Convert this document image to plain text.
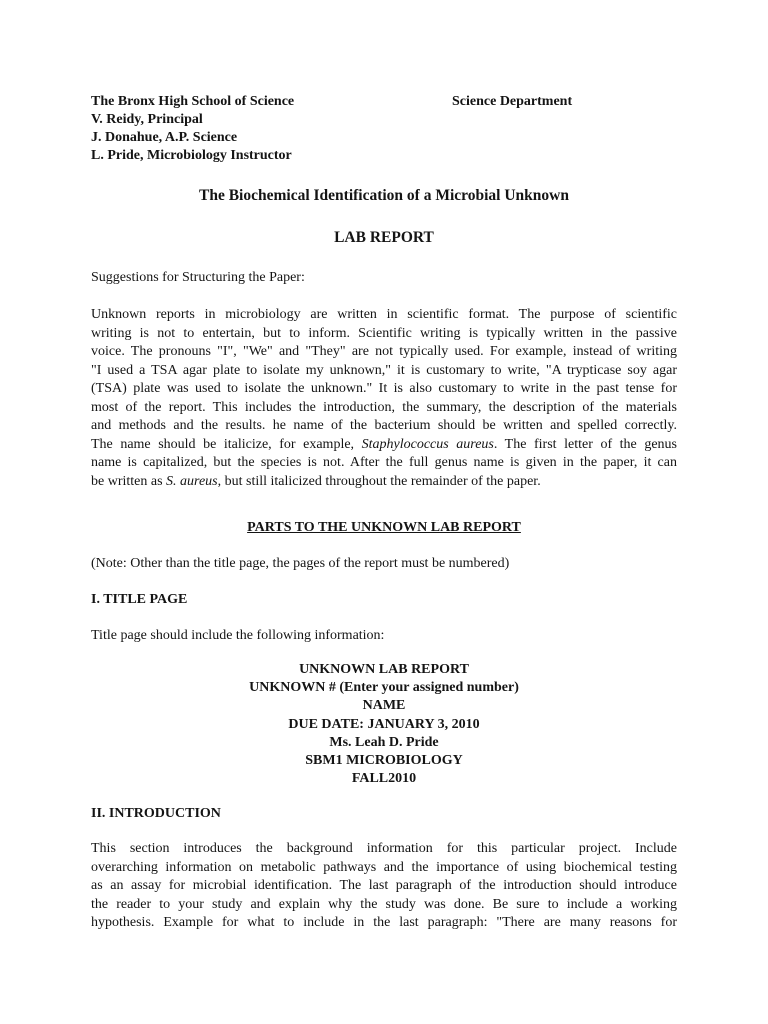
The Bronx High School of Science
V. Reidy, Principal
J. Donahue, A.P. Science
L. Pride, Microbiology Instructor
Science Department
The Biochemical Identification of a Microbial Unknown
LAB REPORT
Suggestions for Structuring the Paper:
Unknown reports in microbiology are written in scientific format. The purpose of scientific
writing is not to entertain, but to inform. Scientific writing is typically written in the passive
voice. The pronouns "I", "We" and "They" are not typically used. For example, instead of writing
"I used a TSA agar plate to isolate my unknown," it is customary to write, "A trypticase soy agar
(TSA) plate was used to isolate the unknown." It is also customary to write in the past tense for
most of the report. This includes the introduction, the summary, the description of the materials
and methods and the results. he name of the bacterium should be written and spelled correctly.
The name should be italicize, for example, Staphylococcus aureus. The first letter of the genus
name is capitalized, but the species is not. After the full genus name is given in the paper, it can
be written as S. aureus, but still italicized throughout the remainder of the paper.
PARTS TO THE UNKNOWN LAB REPORT
(Note: Other than the title page, the pages of the report must be numbered)
I. TITLE PAGE
Title page should include the following information:
UNKNOWN LAB REPORT
UNKNOWN # (Enter your assigned number)
NAME
DUE DATE: JANUARY 3, 2010
Ms. Leah D. Pride
SBM1 MICROBIOLOGY
FALL2010
II. INTRODUCTION
This section introduces the background information for this particular project. Include
overarching information on metabolic pathways and the importance of using biochemical testing
as an assay for microbial identification. The last paragraph of the introduction should introduce
the reader to your study and explain why the study was done. Be sure to include a working
hypothesis. Example for what to include in the last paragraph: "There are many reasons for
